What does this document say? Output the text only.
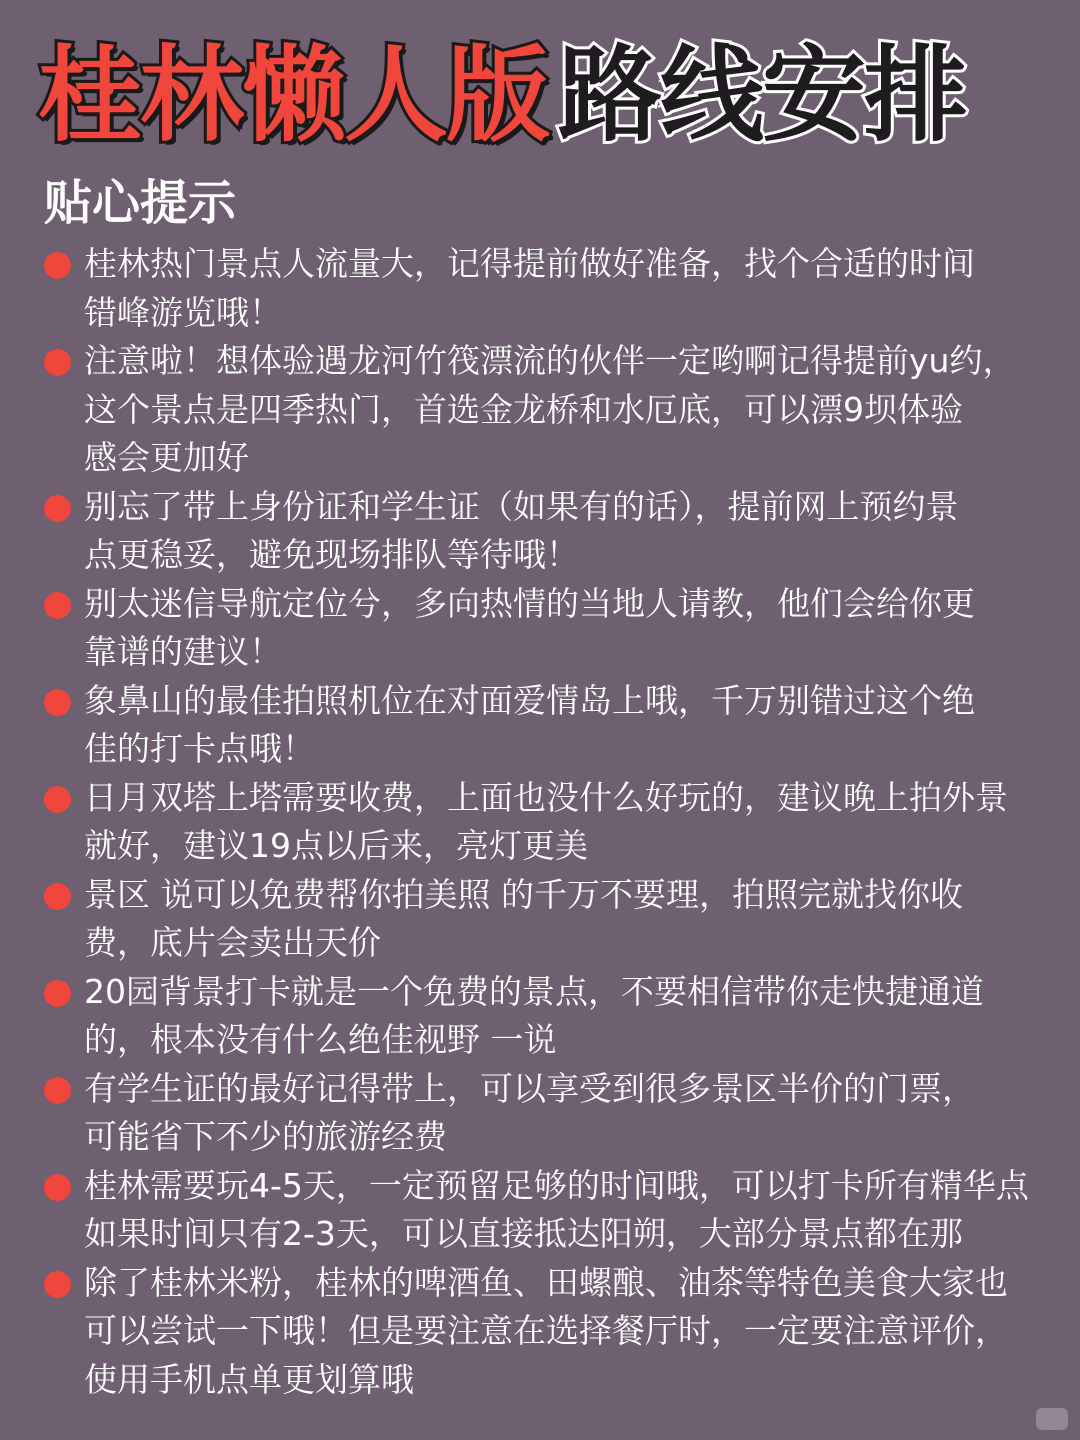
桂林懒人版路线安排
贴心提示
桂林热门景点人流量大，记得提前做好准备，找个合适的时间
错峰游览哦！
注意啦！想体验遇龙河竹筏漂流的伙伴一定哟啊记得提前yu约，
这个景点是四季热门，首选金龙桥和水厄底，可以漂9坝体验
感会更加好
别忘了带上身份证和学生证（如果有的话），提前网上预约景
点更稳妥，避免现场排队等待哦！
别太迷信导航定位兮，多向热情的当地人请教，他们会给你更
靠谱的建议！
象鼻山的最佳拍照机位在对面爱情岛上哦，千万别错过这个绝
佳的打卡点哦！
日月双塔上塔需要收费，上面也没什么好玩的，建议晚上拍外景
就好，建议19点以后来，亮灯更美
景区 说可以免费帮你拍美照 的千万不要理，拍照完就找你收
费，底片会卖出天价
20园背景打卡就是一个免费的景点，不要相信带你走快捷通道
的，根本没有什么绝佳视野 一说
有学生证的最好记得带上，可以享受到很多景区半价的门票，
可能省下不少的旅游经费
桂林需要玩4-5天，一定预留足够的时间哦，可以打卡所有精华点
如果时间只有2-3天，可以直接抵达阳朔，大部分景点都在那
除了桂林米粉，桂林的啤酒鱼、田螺酿、油茶等特色美食大家也
可以尝试一下哦！但是要注意在选择餐厅时，一定要注意评价，
使用手机点单更划算哦
